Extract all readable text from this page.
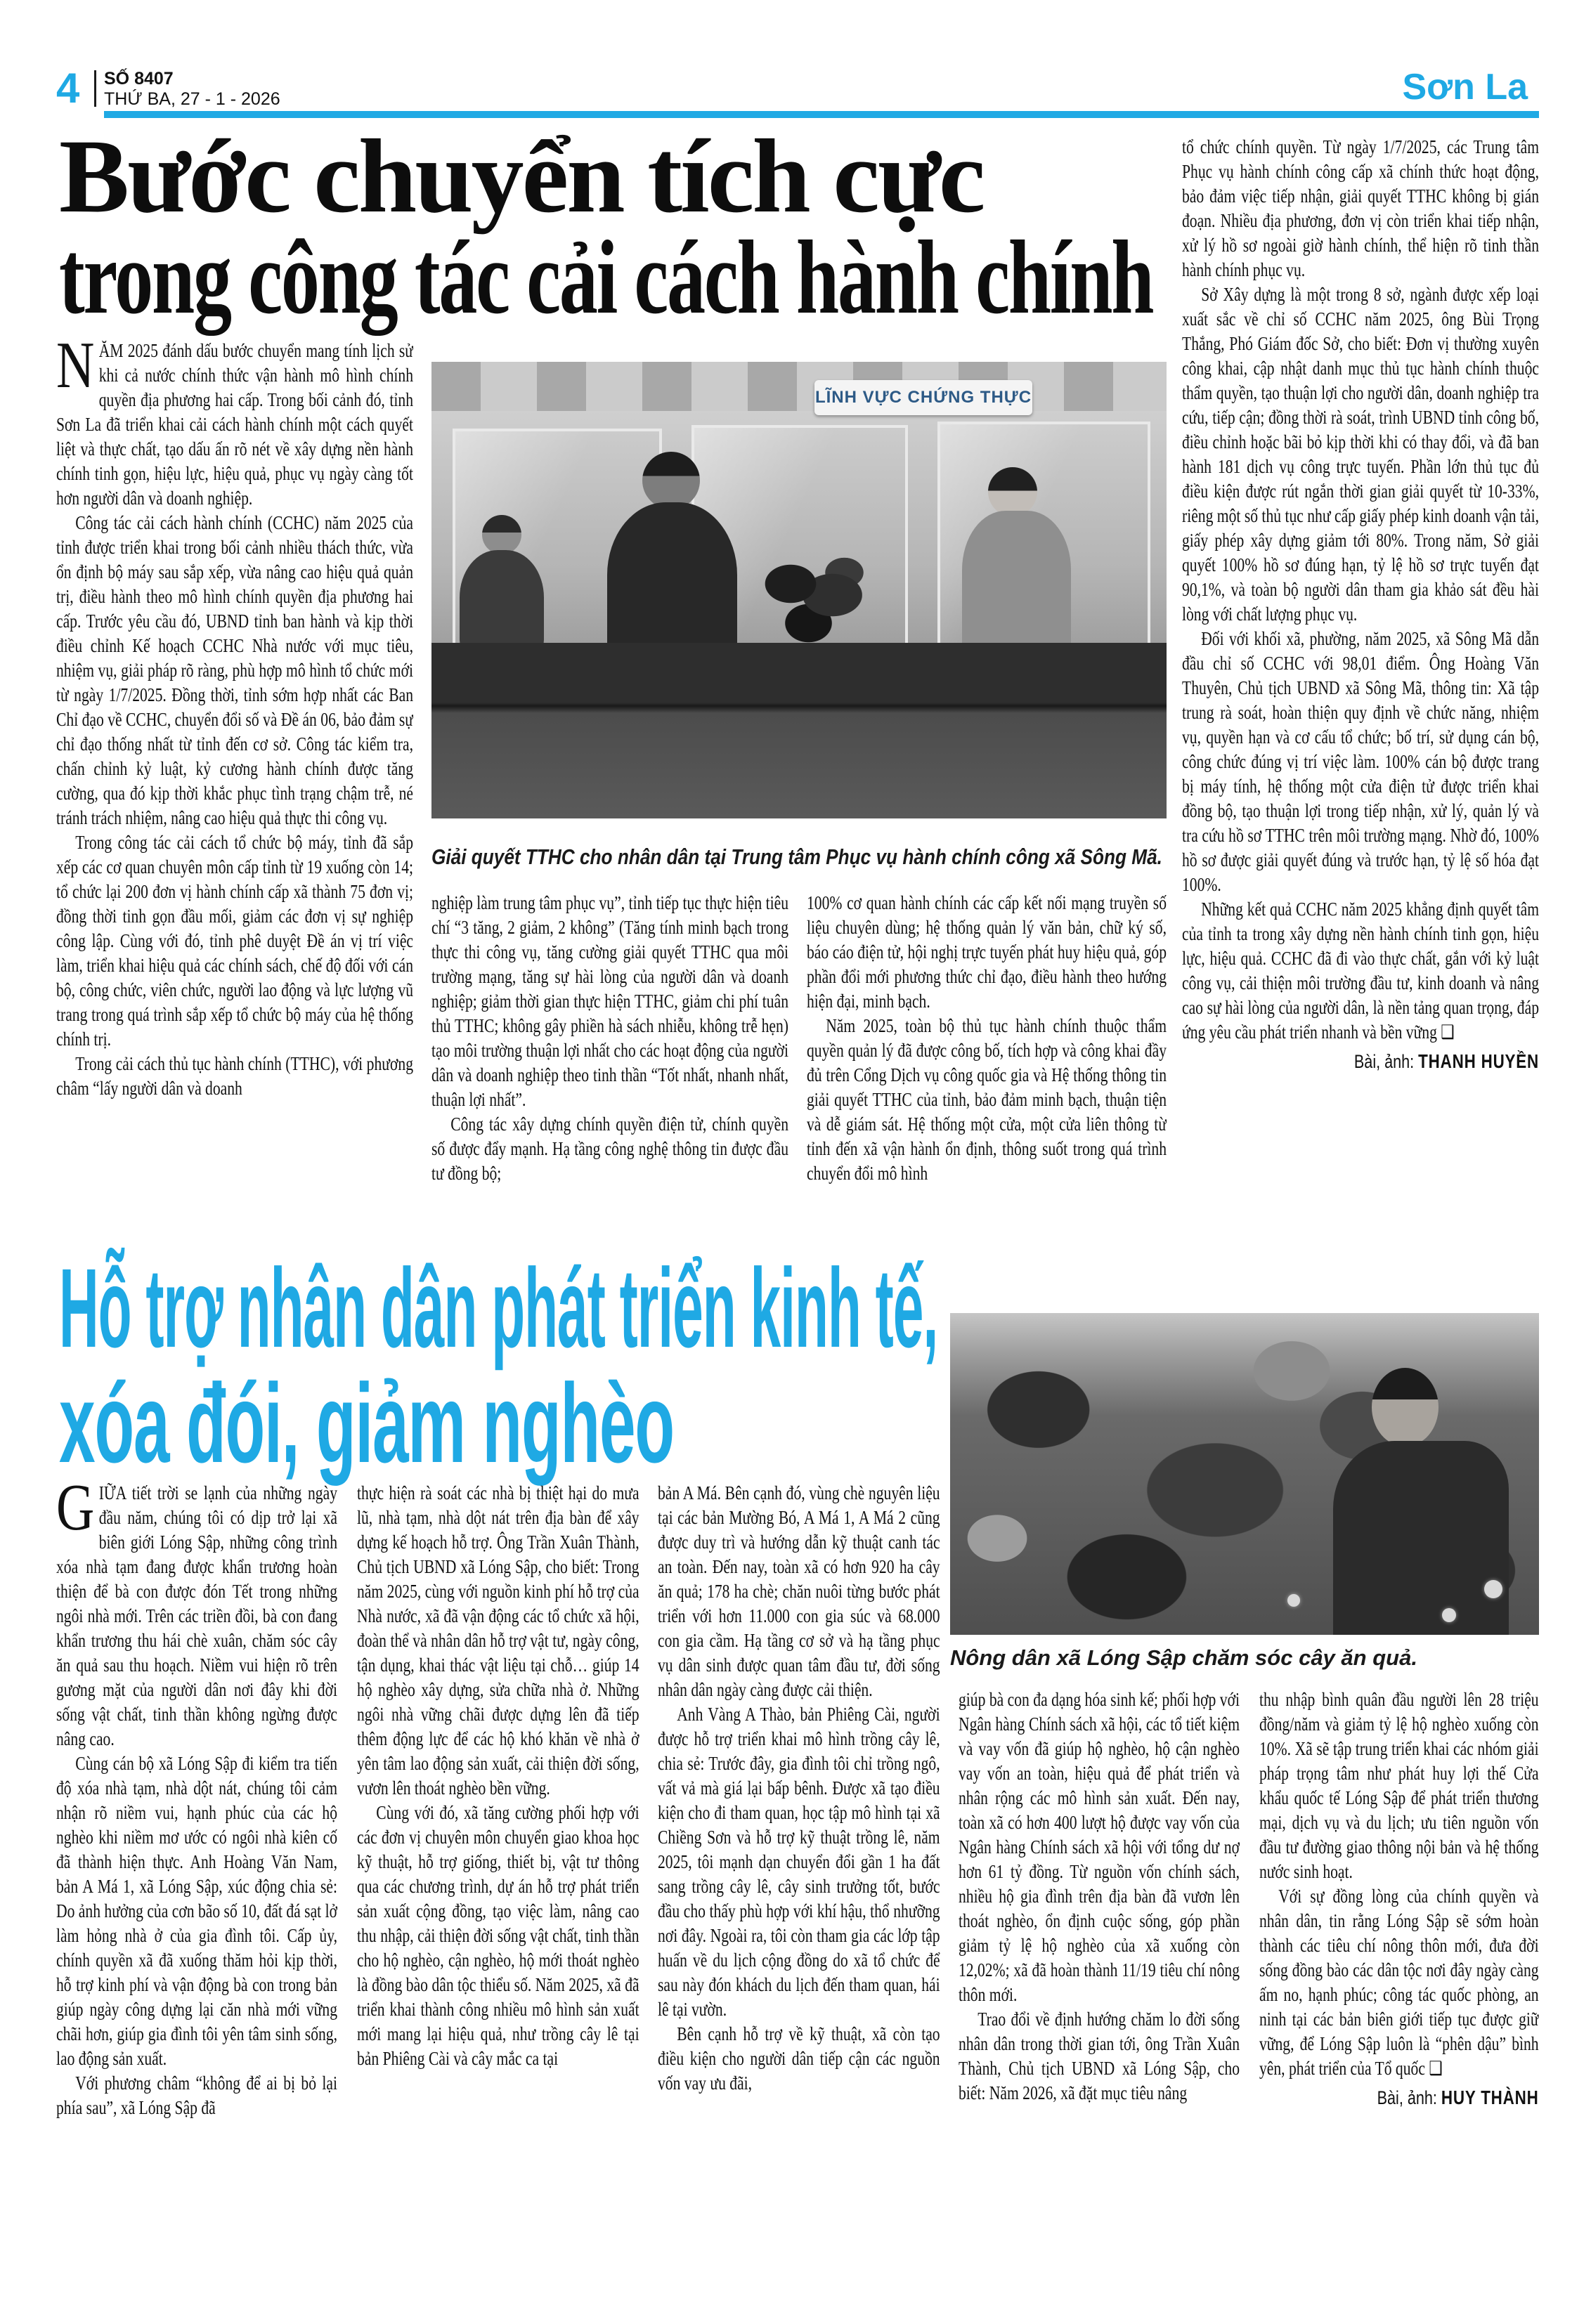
4 SỐ 8407
THỨ BA, 27 - 1 - 2026	Sơn La
Bước chuyển tích cực
trong công tác cải cách hành chính
LĨNH VỰC CHỨNG THỰC
Giải quyết TTHC cho nhân dân tại Trung tâm Phục vụ hành chính công xã Sông Mã.

NĂM 2025 đánh dấu bước chuyển mang tính lịch sử khi cả nước chính thức vận hành mô hình chính quyền địa phương hai cấp. Trong bối cảnh đó, tỉnh Sơn La đã triển khai cải cách hành chính một cách quyết liệt và thực chất, tạo dấu ấn rõ nét về xây dựng nền hành chính tinh gọn, hiệu lực, hiệu quả, phục vụ ngày càng tốt hơn người dân và doanh nghiệp.

Công tác cải cách hành chính (CCHC) năm 2025 của tỉnh được triển khai trong bối cảnh nhiều thách thức, vừa ổn định bộ máy sau sắp xếp, vừa nâng cao hiệu quả quản trị, điều hành theo mô hình chính quyền địa phương hai cấp. Trước yêu cầu đó, UBND tỉnh ban hành và kịp thời điều chỉnh Kế hoạch CCHC Nhà nước với mục tiêu, nhiệm vụ, giải pháp rõ ràng, phù hợp mô hình tổ chức mới từ ngày 1/7/2025. Đồng thời, tỉnh sớm hợp nhất các Ban Chỉ đạo về CCHC, chuyển đổi số và Đề án 06, bảo đảm sự chỉ đạo thống nhất từ tỉnh đến cơ sở. Công tác kiểm tra, chấn chỉnh kỷ luật, kỷ cương hành chính được tăng cường, qua đó kịp thời khắc phục tình trạng chậm trễ, né tránh trách nhiệm, nâng cao hiệu quả thực thi công vụ.

Trong công tác cải cách tổ chức bộ máy, tỉnh đã sắp xếp các cơ quan chuyên môn cấp tỉnh từ 19 xuống còn 14; tổ chức lại 200 đơn vị hành chính cấp xã thành 75 đơn vị; đồng thời tinh gọn đầu mối, giảm các đơn vị sự nghiệp công lập. Cùng với đó, tỉnh phê duyệt Đề án vị trí việc làm, triển khai hiệu quả các chính sách, chế độ đối với cán bộ, công chức, viên chức, người lao động và lực lượng vũ trang trong quá trình sắp xếp tổ chức bộ máy của hệ thống chính trị.

Trong cải cách thủ tục hành chính (TTHC), với phương châm “lấy người dân và doanh

nghiệp làm trung tâm phục vụ”, tỉnh tiếp tục thực hiện tiêu chí “3 tăng, 2 giảm, 2 không” (Tăng tính minh bạch trong thực thi công vụ, tăng cường giải quyết TTHC qua môi trường mạng, tăng sự hài lòng của người dân và doanh nghiệp; giảm thời gian thực hiện TTHC, giảm chi phí tuân thủ TTHC; không gây phiền hà sách nhiễu, không trễ hẹn) tạo môi trường thuận lợi nhất cho các hoạt động của người dân và doanh nghiệp theo tinh thần “Tốt nhất, nhanh nhất, thuận lợi nhất”.

Công tác xây dựng chính quyền điện tử, chính quyền số được đẩy mạnh. Hạ tầng công nghệ thông tin được đầu tư đồng bộ;

100% cơ quan hành chính các cấp kết nối mạng truyền số liệu chuyên dùng; hệ thống quản lý văn bản, chữ ký số, báo cáo điện tử, hội nghị trực tuyến phát huy hiệu quả, góp phần đổi mới phương thức chỉ đạo, điều hành theo hướng hiện đại, minh bạch.

Năm 2025, toàn bộ thủ tục hành chính thuộc thẩm quyền quản lý đã được công bố, tích hợp và công khai đầy đủ trên Cổng Dịch vụ công quốc gia và Hệ thống thông tin giải quyết TTHC của tỉnh, bảo đảm minh bạch, thuận tiện và dễ giám sát. Hệ thống một cửa, một cửa liên thông từ tỉnh đến xã vận hành ổn định, thông suốt trong quá trình chuyển đổi mô hình

tổ chức chính quyền. Từ ngày 1/7/2025, các Trung tâm Phục vụ hành chính công cấp xã chính thức hoạt động, bảo đảm việc tiếp nhận, giải quyết TTHC không bị gián đoạn. Nhiều địa phương, đơn vị còn triển khai tiếp nhận, xử lý hồ sơ ngoài giờ hành chính, thể hiện rõ tinh thần hành chính phục vụ.

Sở Xây dựng là một trong 8 sở, ngành được xếp loại xuất sắc về chỉ số CCHC năm 2025, ông Bùi Trọng Thắng, Phó Giám đốc Sở, cho biết: Đơn vị thường xuyên công khai, cập nhật danh mục thủ tục hành chính thuộc thẩm quyền, tạo thuận lợi cho người dân, doanh nghiệp tra cứu, tiếp cận; đồng thời rà soát, trình UBND tỉnh công bố, điều chỉnh hoặc bãi bỏ kịp thời khi có thay đổi, và đã ban hành 181 dịch vụ công trực tuyến. Phần lớn thủ tục đủ điều kiện được rút ngắn thời gian giải quyết từ 10-33%, riêng một số thủ tục như cấp giấy phép kinh doanh vận tải, giấy phép xây dựng giảm tới 80%. Trong năm, Sở giải quyết 100% hồ sơ đúng hạn, tỷ lệ hồ sơ trực tuyến đạt 90,1%, và toàn bộ người dân tham gia khảo sát đều hài lòng với chất lượng phục vụ.

Đối với khối xã, phường, năm 2025, xã Sông Mã dẫn đầu chỉ số CCHC với 98,01 điểm. Ông Hoàng Văn Thuyên, Chủ tịch UBND xã Sông Mã, thông tin: Xã tập trung rà soát, hoàn thiện quy định về chức năng, nhiệm vụ, quyền hạn và cơ cấu tổ chức; bố trí, sử dụng cán bộ, công chức đúng vị trí việc làm. 100% cán bộ được trang bị máy tính, hệ thống một cửa điện tử được triển khai đồng bộ, tạo thuận lợi trong tiếp nhận, xử lý, quản lý và tra cứu hồ sơ TTHC trên môi trường mạng. Nhờ đó, 100% hồ sơ được giải quyết đúng và trước hạn, tỷ lệ số hóa đạt 100%.

Những kết quả CCHC năm 2025 khẳng định quyết tâm của tỉnh ta trong xây dựng nền hành chính tinh gọn, hiệu lực, hiệu quả. CCHC đã đi vào thực chất, gắn với kỷ luật công vụ, cải thiện môi trường đầu tư, kinh doanh và nâng cao sự hài lòng của người dân, là nền tảng quan trọng, đáp ứng yêu cầu phát triển nhanh và bền vững ❑

Bài, ảnh: THANH HUYỀN
Hỗ trợ nhân dân phát triển kinh tế,
xóa đói, giảm nghèo
Nông dân xã Lóng Sập chăm sóc cây ăn quả.

GIỮA tiết trời se lạnh của những ngày đầu năm, chúng tôi có dịp trở lại xã biên giới Lóng Sập, những công trình xóa nhà tạm đang được khẩn trương hoàn thiện để bà con được đón Tết trong những ngôi nhà mới. Trên các triền đồi, bà con đang khẩn trương thu hái chè xuân, chăm sóc cây ăn quả sau thu hoạch. Niềm vui hiện rõ trên gương mặt của người dân nơi đây khi đời sống vật chất, tinh thần không ngừng được nâng cao.

Cùng cán bộ xã Lóng Sập đi kiểm tra tiến độ xóa nhà tạm, nhà dột nát, chúng tôi cảm nhận rõ niềm vui, hạnh phúc của các hộ nghèo khi niềm mơ ước có ngôi nhà kiên cố đã thành hiện thực. Anh Hoàng Văn Nam, bản A Má 1, xã Lóng Sập, xúc động chia sẻ: Do ảnh hưởng của cơn bão số 10, đất đá sạt lở làm hỏng nhà ở của gia đình tôi. Cấp ủy, chính quyền xã đã xuống thăm hỏi kịp thời, hỗ trợ kinh phí và vận động bà con trong bản giúp ngày công dựng lại căn nhà mới vững chãi hơn, giúp gia đình tôi yên tâm sinh sống, lao động sản xuất.

Với phương châm “không để ai bị bỏ lại phía sau”, xã Lóng Sập đã

thực hiện rà soát các nhà bị thiệt hại do mưa lũ, nhà tạm, nhà dột nát trên địa bàn để xây dựng kế hoạch hỗ trợ. Ông Trần Xuân Thành, Chủ tịch UBND xã Lóng Sập, cho biết: Trong năm 2025, cùng với nguồn kinh phí hỗ trợ của Nhà nước, xã đã vận động các tổ chức xã hội, đoàn thể và nhân dân hỗ trợ vật tư, ngày công, tận dụng, khai thác vật liệu tại chỗ… giúp 14 hộ nghèo xây dựng, sửa chữa nhà ở. Những ngôi nhà vững chãi được dựng lên đã tiếp thêm động lực để các hộ khó khăn về nhà ở yên tâm lao động sản xuất, cải thiện đời sống, vươn lên thoát nghèo bền vững.

Cùng với đó, xã tăng cường phối hợp với các đơn vị chuyên môn chuyển giao khoa học kỹ thuật, hỗ trợ giống, thiết bị, vật tư thông qua các chương trình, dự án hỗ trợ phát triển sản xuất cộng đồng, tạo việc làm, nâng cao thu nhập, cải thiện đời sống vật chất, tinh thần cho hộ nghèo, cận nghèo, hộ mới thoát nghèo là đồng bào dân tộc thiểu số. Năm 2025, xã đã triển khai thành công nhiều mô hình sản xuất mới mang lại hiệu quả, như trồng cây lê tại bản Phiêng Cài và cây mắc ca tại

bản A Má. Bên cạnh đó, vùng chè nguyên liệu tại các bản Mường Bó, A Má 1, A Má 2 cũng được duy trì và hướng dẫn kỹ thuật canh tác an toàn. Đến nay, toàn xã có hơn 920 ha cây ăn quả; 178 ha chè; chăn nuôi từng bước phát triển với hơn 11.000 con gia súc và 68.000 con gia cầm. Hạ tầng cơ sở và hạ tầng phục vụ dân sinh được quan tâm đầu tư, đời sống nhân dân ngày càng được cải thiện.

Anh Vàng A Thào, bản Phiêng Cài, người được hỗ trợ triển khai mô hình trồng cây lê, chia sẻ: Trước đây, gia đình tôi chỉ trồng ngô, vất vả mà giá lại bấp bênh. Được xã tạo điều kiện cho đi tham quan, học tập mô hình tại xã Chiềng Sơn và hỗ trợ kỹ thuật trồng lê, năm 2025, tôi mạnh dạn chuyển đổi gần 1 ha đất sang trồng cây lê, cây sinh trưởng tốt, bước đầu cho thấy phù hợp với khí hậu, thổ nhưỡng nơi đây. Ngoài ra, tôi còn tham gia các lớp tập huấn về du lịch cộng đồng do xã tổ chức để sau này đón khách du lịch đến tham quan, hái lê tại vườn.

Bên cạnh hỗ trợ về kỹ thuật, xã còn tạo điều kiện cho người dân tiếp cận các nguồn vốn vay ưu đãi,

giúp bà con đa dạng hóa sinh kế; phối hợp với Ngân hàng Chính sách xã hội, các tổ tiết kiệm và vay vốn đã giúp hộ nghèo, hộ cận nghèo vay vốn an toàn, hiệu quả để phát triển và nhân rộng các mô hình sản xuất. Đến nay, toàn xã có hơn 400 lượt hộ được vay vốn của Ngân hàng Chính sách xã hội với tổng dư nợ hơn 61 tỷ đồng. Từ nguồn vốn chính sách, nhiều hộ gia đình trên địa bàn đã vươn lên thoát nghèo, ổn định cuộc sống, góp phần giảm tỷ lệ hộ nghèo của xã xuống còn 12,02%; xã đã hoàn thành 11/19 tiêu chí nông thôn mới.

Trao đổi về định hướng chăm lo đời sống nhân dân trong thời gian tới, ông Trần Xuân Thành, Chủ tịch UBND xã Lóng Sập, cho biết: Năm 2026, xã đặt mục tiêu nâng

thu nhập bình quân đầu người lên 28 triệu đồng/năm và giảm tỷ lệ hộ nghèo xuống còn 10%. Xã sẽ tập trung triển khai các nhóm giải pháp trọng tâm như phát huy lợi thế Cửa khẩu quốc tế Lóng Sập để phát triển thương mại, dịch vụ và du lịch; ưu tiên nguồn vốn đầu tư đường giao thông nội bản và hệ thống nước sinh hoạt.

Với sự đồng lòng của chính quyền và nhân dân, tin rằng Lóng Sập sẽ sớm hoàn thành các tiêu chí nông thôn mới, đưa đời sống đồng bào các dân tộc nơi đây ngày càng ấm no, hạnh phúc; công tác quốc phòng, an ninh tại các bản biên giới tiếp tục được giữ vững, để Lóng Sập luôn là “phên dậu” bình yên, phát triển của Tổ quốc ❑

Bài, ảnh: HUY THÀNH
